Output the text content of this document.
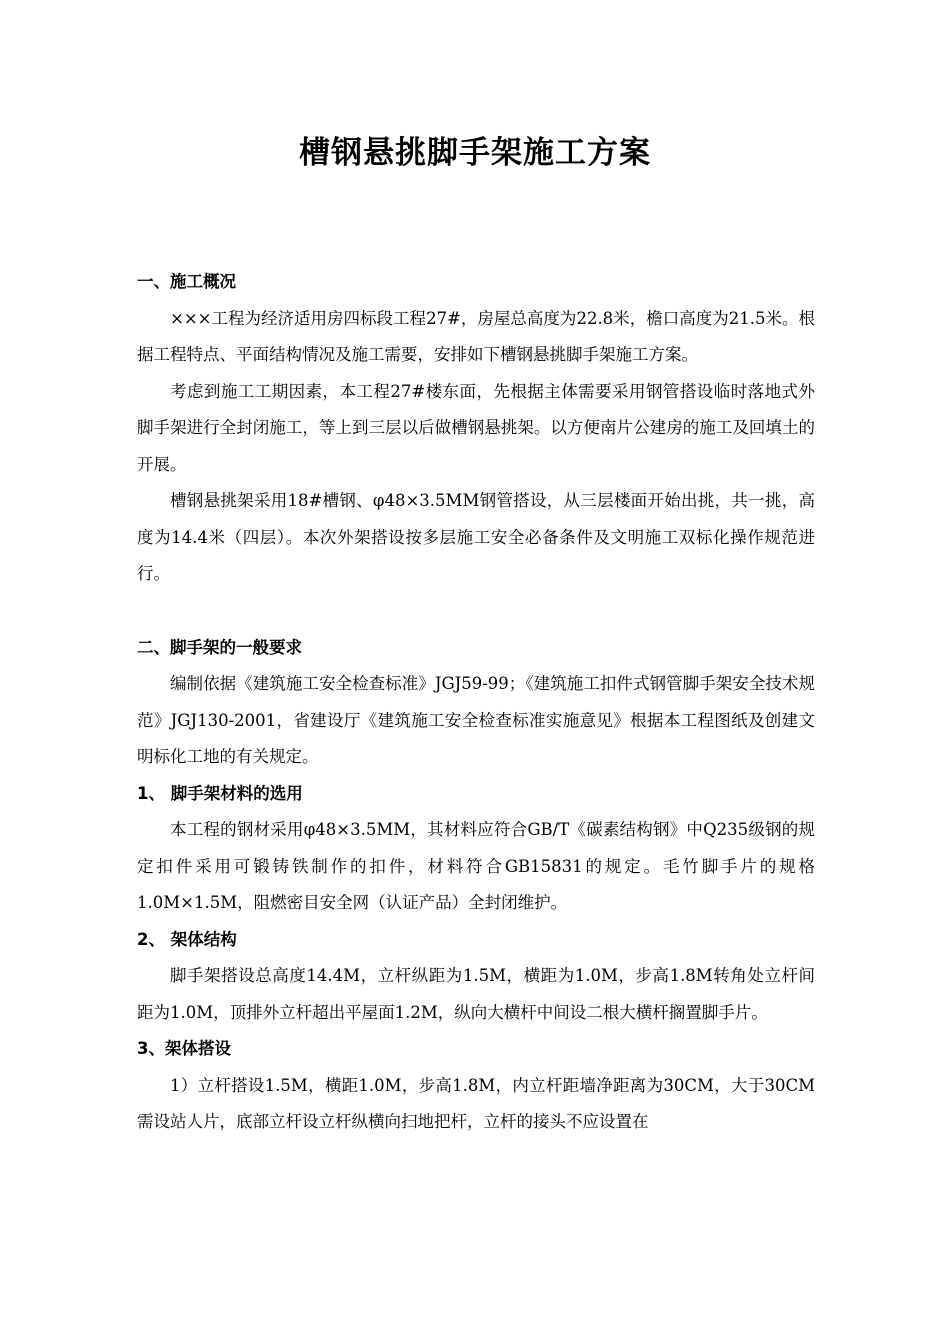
槽钢悬挑脚手架施工方案
一、施工概况

×××工程为经济适用房四标段工程27#，房屋总高度为22.8米，檐口高度为21.5米。根据工程特点、平面结构情况及施工需要，安排如下槽钢悬挑脚手架施工方案。

考虑到施工工期因素，本工程27#楼东面，先根据主体需要采用钢管搭设临时落地式外脚手架进行全封闭施工，等上到三层以后做槽钢悬挑架。以方便南片公建房的施工及回填土的开展。

槽钢悬挑架采用18#槽钢、φ48×3.5MM钢管搭设，从三层楼面开始出挑，共一挑，高度为14.4米（四层）。本次外架搭设按多层施工安全必备条件及文明施工双标化操作规范进行。

二、脚手架的一般要求

编制依据《建筑施工安全检查标准》JGJ59-99；《建筑施工扣件式钢管脚手架安全技术规范》JGJ130-2001，省建设厅《建筑施工安全检查标准实施意见》根据本工程图纸及创建文明标化工地的有关规定。

1、 脚手架材料的选用

本工程的钢材采用φ48×3.5MM，其材料应符合GB/T《碳素结构钢》中Q235级钢的规定扣件采用可锻铸铁制作的扣件，材料符合GB15831的规定。毛竹脚手片的规格1.0M×1.5M，阻燃密目安全网（认证产品）全封闭维护。

2、 架体结构

脚手架搭设总高度14.4M，立杆纵距为1.5M，横距为1.0M，步高1.8M转角处立杆间距为1.0M，顶排外立杆超出平屋面1.2M，纵向大横杆中间设二根大横杆搁置脚手片。

3、架体搭设

1）立杆搭设1.5M，横距1.0M，步高1.8M，内立杆距墙净距离为30CM，大于30CM需设站人片，底部立杆设立杆纵横向扫地把杆，立杆的接头不应设置在
